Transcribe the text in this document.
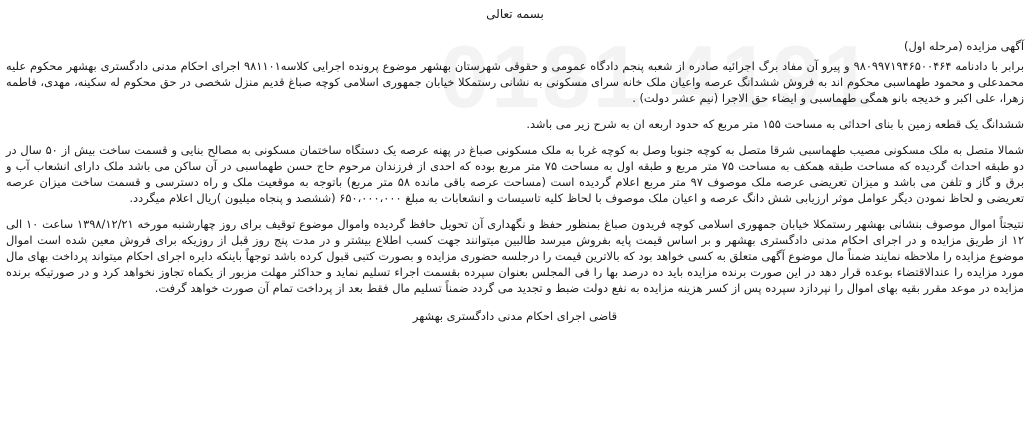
بسمه تعالی

آگهی مزایده (مرحله اول)

برابر با دادنامه ۹۸۰۹۹۷۱۹۴۶۵۰۰۴۶۴ و پیرو آن مفاد برگ اجرائیه صادره از شعبه پنجم دادگاه عمومی و حقوقی شهرستان بهشهر موضوع پرونده اجرایی کلاسه۹۸۱۱۰۱ اجرای احکام مدنی دادگستری بهشهر محکوم علیه محمدعلی و محمود طهماسبی محکوم اند به فروش ششدانگ عرصه واعیان ملک خانه سرای مسکونی به نشانی رستمکلا خیابان جمهوری اسلامی کوچه صباغ قدیم منزل شخصی در حق محکوم له سکینه، مهدی، فاطمه زهرا، علی اکبر و خدیجه بانو همگی طهماسبی و ایضاء حق الاجرا (نیم عشر دولت) .

ششدانگ یک قطعه زمین با بنای احداثی به مساحت ۱۵۵ متر مربع که حدود اربعه ان به شرح زیر می باشد.

شمالا متصل به ملک مسکونی مصیب طهماسبی شرقا متصل به کوچه جنوبا وصل به کوچه غربا به ملک مسکونی صباغ در پهنه عرصه یک دستگاه ساختمان مسکونی به مصالح بنایی و قسمت ساخت بیش از ۵۰ سال در دو طبقه احداث گردیده که مساحت طبقه همکف به مساحت ۷۵ متر مربع و طبقه اول به مساحت ۷۵ متر مربع بوده که احدی از فرزندان مرحوم حاج حسن طهماسبی در آن ساکن می باشد ملک دارای انشعاب آب و برق و گاز و تلفن می باشد و میزان تعریضی عرصه ملک موصوف ۹۷ متر مربع اعلام گردیده است (مساحت عرصه باقی مانده ۵۸ متر مربع) باتوجه به موقعیت ملک و راه دسترسی و قسمت ساخت میزان عرصه تعریضی و لحاظ نمودن دیگر عوامل موثر ارزیابی شش دانگ عرصه و اعیان ملک موصوف با لحاظ کلیه تاسیسات و انشعابات به مبلغ ۶۵۰،۰۰۰،۰۰۰ (ششصد و پنجاه میلیون )ریال اعلام میگردد.

نتیجتاً اموال موصوف بنشانی بهشهر رستمکلا خیابان جمهوری اسلامی کوچه فریدون صباغ بمنظور حفظ و نگهداری آن تحویل حافظ گردیده واموال موضوع توقیف برای روز چهارشنبه مورخه ۱۳۹۸/۱۲/۲۱ ساعت ۱۰ الی ۱۲ از طریق مزایده و در اجرای احکام مدنی دادگستری بهشهر و بر اساس قیمت پایه بفروش میرسد طالبین میتوانند جهت کسب اطلاع بیشتر و در مدت پنج روز قبل از روزیکه برای فروش معین شده است اموال موضوع مزایده را ملاحظه نمایند ضمناً مال موضوع آگهی متعلق به کسی خواهد بود که بالاترین قیمت را درجلسه حضوری مزایده و بصورت کتبی قبول کرده باشد توجهاً باینکه دایره اجرای احکام میتواند پرداخت بهای مال مورد مزایده را عندالاقتضاء بوعده قرار دهد در این صورت برنده مزایده باید ده درصد بها را فی المجلس بعنوان سپرده بقسمت اجراء تسلیم نماید و حداکثر مهلت مزبور از یکماه تجاوز نخواهد کرد و در صورتیکه برنده مزایده در موعد مقرر بقیه بهای اموال را نپردازد سپرده پس از کسر هزینه مزایده به نفع دولت ضبط و تجدید می گردد ضمناً تسلیم مال فقط بعد از پرداخت تمام آن صورت خواهد گرفت.

قاضی اجرای احکام مدنی دادگستری بهشهر
